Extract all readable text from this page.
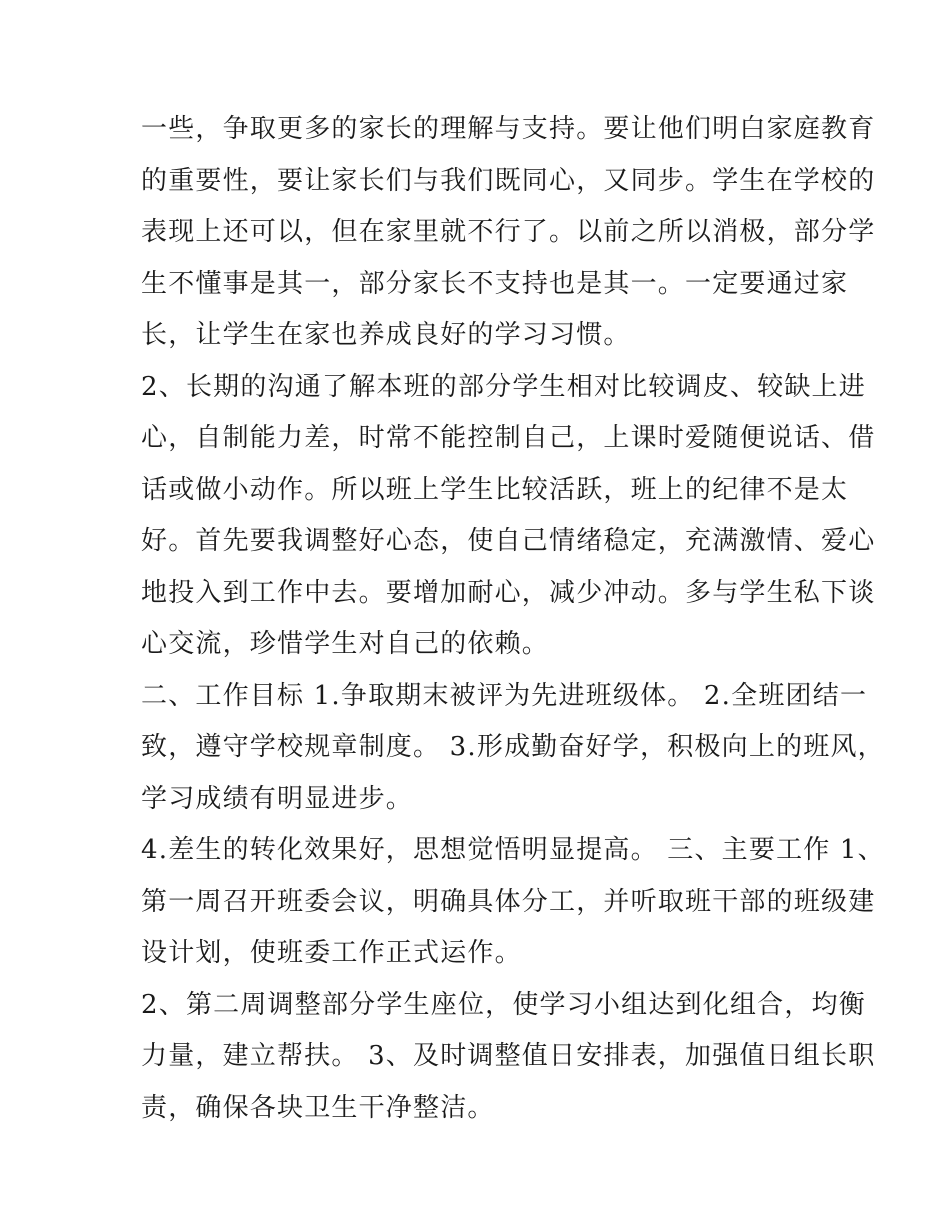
一些，争取更多的家长的理解与支持。要让他们明白家庭教育
的重要性，要让家长们与我们既同心，又同步。学生在学校的
表现上还可以，但在家里就不行了。以前之所以消极，部分学
生不懂事是其一，部分家长不支持也是其一。一定要通过家
长，让学生在家也养成良好的学习习惯。
2、长期的沟通了解本班的部分学生相对比较调皮、较缺上进
心，自制能力差，时常不能控制自己，上课时爱随便说话、借
话或做小动作。所以班上学生比较活跃，班上的纪律不是太
好。首先要我调整好心态，使自己情绪稳定，充满激情、爱心
地投入到工作中去。要增加耐心，减少冲动。多与学生私下谈
心交流，珍惜学生对自己的依赖。
二、工作目标 1.争取期末被评为先进班级体。 2.全班团结一
致，遵守学校规章制度。 3.形成勤奋好学，积极向上的班风，
学习成绩有明显进步。
4.差生的转化效果好，思想觉悟明显提高。 三、主要工作 1、
第一周召开班委会议，明确具体分工，并听取班干部的班级建
设计划，使班委工作正式运作。
2、第二周调整部分学生座位，使学习小组达到化组合，均衡
力量，建立帮扶。 3、及时调整值日安排表，加强值日组长职
责，确保各块卫生干净整洁。
